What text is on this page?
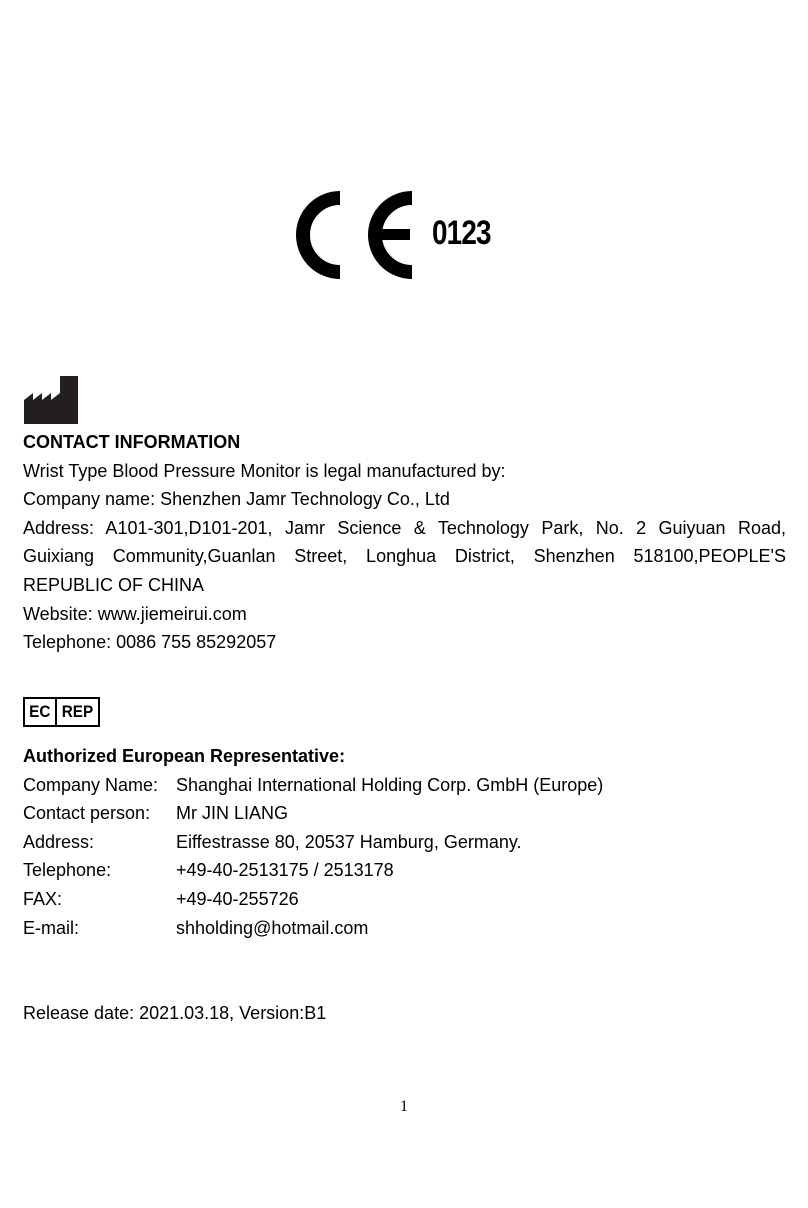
0123
CONTACT INFORMATION
Wrist Type Blood Pressure Monitor is legal manufactured by:
Company name: Shenzhen Jamr Technology Co., Ltd
Address: A101-301,D101-201, Jamr Science & Technology Park, No. 2 Guiyuan Road, Guixiang Community,Guanlan Street, Longhua District, Shenzhen 518100,PEOPLE'S REPUBLIC OF CHINA
Website: www.jiemeirui.com
Telephone: 0086 755 85292057
EC REP
Authorized European Representative:
Company Name: Shanghai International Holding Corp. GmbH (Europe)
Contact person:	Mr JIN LIANG
Address:	Eiffestrasse 80, 20537 Hamburg, Germany.
Telephone:	+49-40-2513175 / 2513178
FAX:	+49-40-255726
E-mail:	shholding@hotmail.com
Release date: 2021.03.18, Version:B1
1
